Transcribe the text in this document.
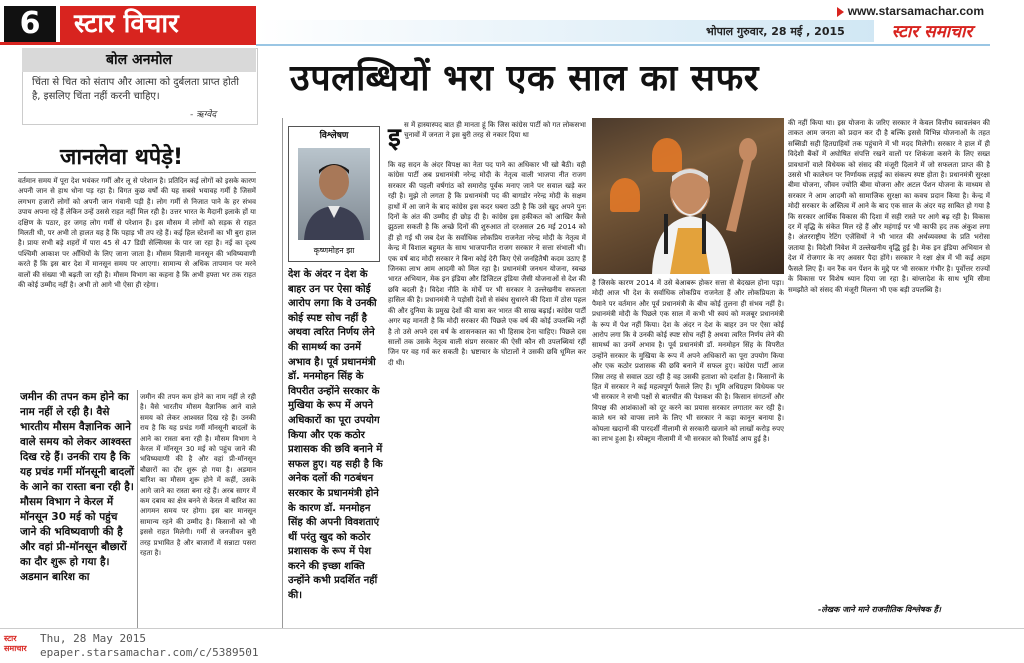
6	स्टार विचार	www.starsamachar.com
भोपाल गुरुवार, 28 मई , 2015	स्टार समाचार
बोल अनमोल
चिंता से चित को संताप और आत्मा को दुर्बलता प्राप्त होती है, इसलिए चिंता नहीं करनी चाहिए।
- ऋग्वेद
जानलेवा थपेड़े!
वर्तमान समय में पूरा देश भयंकर गर्मी और लू से परेशान है। प्रतिदिन कई लोगों को इसके कारण अपनी जान से हाथ धोना पड़ रहा है। विगत कुछ वर्षों की यह सबसे भयावह गर्मी है जिसमें लगभग हजारों लोगों को अपनी जान गंवानी पड़ी है। लोग गर्मी से निजात पाने के हर संभव उपाय अपना रहे हैं लेकिन उन्हें उससे राहत नहीं मिल रही है। उत्तर भारत के मैदानी इलाके हों या दक्षिण के पठार, हर जगह लोग गर्मी से परेशान हैं। इस मौसम में लोगों को सड़क से राहत मिलती थी, पर अभी तो हालत यह है कि पहाड़ भी तप रहे हैं। कई हिल स्टेशनों का भी बुरा हाल है। प्रायः सभी बड़े शहरों में पारा 45 से 47 डिग्री सेल्सियस के पार जा रहा है। नई का दृश्य पश्चिमी आकाश पर आँधियों के लिए जाना जाता है। मौसम विज्ञानी मानसून की भविष्यवाणी करते हैं कि इस बार देश में मानसून समय पर आएगा। सामान्य से अधिक तापमान पर मरने वालों की संख्या भी बढ़ती जा रही है। मौसम विभाग का कहना है कि अभी हफ्ता भर तक राहत की कोई उम्मीद नहीं है। अभी तो आगे भी ऐसा ही रहेगा।
जमीन की तपन कम होने का नाम नहीं ले रही है। वैसे भारतीय मौसम वैज्ञानिक आने वाले समय को लेकर आश्वस्त दिख रहे हैं। उनकी राय है कि यह प्रचंड गर्मी मॉनसूनी बादलों के आने का रास्ता बना रही है। मौसम विभाग ने केरल में मॉनसून 30 मई को पहुंच जाने की भविष्यवाणी की है और वहां प्री-मॉनसून बौछारों का दौर शुरू हो गया है। अडमान बारिश का
जमीन की तपन कम होने का नाम नहीं ले रही है। वैसे भारतीय मौसम वैज्ञानिक आने वाले समय को लेकर आश्वस्त दिख रहे हैं। उनकी राय है कि यह प्रचंड गर्मी मॉनसूनी बादलों के आने का रास्ता बना रही है। मौसम विभाग ने केरल में मॉनसून 30 मई को पहुंच जाने की भविष्यवाणी की है और वहां प्री-मॉनसून बौछारों का दौर शुरू हो गया है। अडमान बारिश का मौसम शुरू होने में कहीं, उसके आगे जाने का रास्ता बना रहे हैं। अरब सागर में कम दबाव का क्षेत्र बनने से केरल में बारिश का आगमन समय पर होगा। इस बार मानसून सामान्य रहने की उम्मीद है। किसानों को भी इससे राहत मिलेगी। गर्मी से जनजीवन बुरी तरह प्रभावित है और बाजारों में सन्नाटा पसरा रहता है।
उपलब्धियों भरा एक साल का सफर
विश्लेषण
कृष्णमोहन झा
देश के अंदर न देश के बाहर उन पर ऐसा कोई आरोप लगा कि वे उनकी कोई स्पष्ट सोच नहीं है अथवा त्वरित निर्णय लेने की सामर्थ्य का उनमें अभाव है। पूर्व प्रधानमंत्री डॉ. मनमोहन सिंह के विपरीत उन्होंने सरकार के मुखिया के रूप में अपने अधिकारों का पूरा उपयोग किया और एक कठोर प्रशासक की छवि बनाने में सफल हुए। यह सही है कि अनेक दलों की गठबंधन सरकार के प्रधानमंत्री होने के कारण डॉ. मनमोहन सिंह की अपनी विवशताएं थीं परंतु खुद को कठोर प्रशासक के रूप में पेश करने की इच्छा शक्ति उन्होंने कभी प्रदर्शित नहीं की।
इ स में हास्यास्पद बात ही मानता हूं कि जिस कांग्रेस पार्टी को गत लोकसभा चुनावों में जनता ने इस बुरी तरह से नकार दिया था
कि वह सदन के अंदर विपक्ष का नेता पद पाने का अधिकार भी खो बैठी। वही कांग्रेस पार्टी अब प्रधानमंत्री नरेन्द्र मोदी के नेतृत्व वाली भाजपा नीत राजग सरकार की पहली वर्षगांठ को समारोह पूर्वक मनाए जाने पर सवाल खड़े कर रही है। मुझे तो लगता है कि प्रधानमंत्री पद की बागडोर नरेन्द्र मोदी के सक्षम हाथों में आ जाने के बाद कांग्रेस इस कदर घबरा उठी है कि उसे खुद अपने पुनः दिनों के अंत की उम्मीद ही छोड़ दी है। कांग्रेस इस हकीकत को आखिर कैसे झुठला सकती है कि अच्छे दिनों की शुरुआत तो दरअसल 26 मई 2014 को ही हो गई थी जब देश के सर्वाधिक लोकप्रिय राजनेता नरेन्द्र मोदी के नेतृत्व में केन्द्र में विशाल बहुमत के साथ भाजपानीत राजग सरकार ने सत्ता संभाली थी। एक वर्ष बाद मोदी सरकार ने बिना कोई देरी किए ऐसे जनहितैषी कदम उठाए हैं जिनका लाभ आम आदमी को मिल रहा है। प्रधानमंत्री जनधन योजना, स्वच्छ भारत अभियान, मेक इन इंडिया और डिजिटल इंडिया जैसी योजनाओं से देश की छवि बदली है। विदेश नीति के मोर्चे पर भी सरकार ने उल्लेखनीय सफलता हासिल की है। प्रधानमंत्री ने पड़ोसी देशों से संबंध सुधारने की दिशा में ठोस पहल की और दुनिया के प्रमुख देशों की यात्रा कर भारत की साख बढ़ाई। कांग्रेस पार्टी अगर यह मानती है कि मोदी सरकार की पिछले एक वर्ष की कोई उपलब्धि नहीं है तो उसे अपने दस वर्ष के शासनकाल का भी हिसाब देना चाहिए। पिछले दस सालों तक उसके नेतृत्व वाली संप्रग सरकार की ऐसी कौन सी उपलब्धियां रहीं जिन पर वह गर्व कर सकती है। भ्रष्टाचार के घोटालों ने उसकी छवि धूमिल कर दी थी।
है जिसके कारण 2014 में उसे बेआबरू होकर सत्ता से बेदखल होना पड़ा। मोदी आज भी देश के सर्वाधिक लोकप्रिय राजनेता हैं और लोकप्रियता के पैमाने पर वर्तमान और पूर्व प्रधानमंत्री के बीच कोई तुलना ही संभव नहीं है। प्रधानमंत्री मोदी के पिछले एक साल में कभी भी स्वयं को मजबूर प्रधानमंत्री के रूप में पेश नहीं किया। देश के अंदर न देश के बाहर उन पर ऐसा कोई आरोप लगा कि वे उनकी कोई स्पष्ट सोच नहीं है अथवा त्वरित निर्णय लेने की सामर्थ्य का उनमें अभाव है। पूर्व प्रधानमंत्री डॉ. मनमोहन सिंह के विपरीत उन्होंने सरकार के मुखिया के रूप में अपने अधिकारों का पूरा उपयोग किया और एक कठोर प्रशासक की छवि बनाने में सफल हुए। कांग्रेस पार्टी आज जिस तरह से सवाल उठा रही है वह उसकी हताशा को दर्शाता है। किसानों के हित में सरकार ने कई महत्वपूर्ण फैसले लिए हैं। भूमि अधिग्रहण विधेयक पर भी सरकार ने सभी पक्षों से बातचीत की पेशकश की है। किसान संगठनों और विपक्ष की आशंकाओं को दूर करने का प्रयास सरकार लगातार कर रही है। काले धन को वापस लाने के लिए भी सरकार ने कड़ा कानून बनाया है। कोयला खदानों की पारदर्शी नीलामी से सरकारी खजाने को लाखों करोड़ रुपए का लाभ हुआ है। स्पेक्ट्रम नीलामी में भी सरकार को रिकॉर्ड आय हुई है।
की नहीं किया था। इस योजना के जरिए सरकार ने केवल वित्तीय स्वावलंबन की ताकत आम जनता को प्रदान कर दी है बल्कि इससे विभिन्न योजनाओं के तहत सब्सिडी सही हितग्राहियों तक पहुंचाने में भी मदद मिलेगी। सरकार ने हाल में ही विदेशी बैंकों में अघोषित संपत्ति रखने वालों पर शिकंजा कसने के लिए सख्त प्रावधानों वाले विधेयक को संसद की मंजूरी दिलाने में जो सफलता प्राप्त की है उससे भी कालेधन पर निर्णायक लड़ाई का संकल्प स्पष्ट होता है। प्रधानमंत्री सुरक्षा बीमा योजना, जीवन ज्योति बीमा योजना और अटल पेंशन योजना के माध्यम से सरकार ने आम आदमी को सामाजिक सुरक्षा का कवच प्रदान किया है। केन्द्र में मोदी सरकार के अस्तित्व में आने के बाद एक साल के अंदर यह साबित हो गया है कि सरकार आर्थिक विकास की दिशा में सही रास्ते पर आगे बढ़ रही है। विकास दर में वृद्धि के संकेत मिल रहे हैं और महंगाई पर भी काफी हद तक अंकुश लगा है। अंतरराष्ट्रीय रेटिंग एजेंसियों ने भी भारत की अर्थव्यवस्था के प्रति भरोसा जताया है। विदेशी निवेश में उल्लेखनीय वृद्धि हुई है। मेक इन इंडिया अभियान से देश में रोजगार के नए अवसर पैदा होंगे। सरकार ने रक्षा क्षेत्र में भी कई अहम फैसले लिए हैं। वन रैंक वन पेंशन के मुद्दे पर भी सरकार गंभीर है। पूर्वोत्तर राज्यों के विकास पर विशेष ध्यान दिया जा रहा है। बांग्लादेश के साथ भूमि सीमा समझौते को संसद की मंजूरी मिलना भी एक बड़ी उपलब्धि है।
-लेखक जाने माने राजनीतिक विश्लेषक हैं।
स्टार समाचार
Thu, 28 May 2015
epaper.starsamachar.com/c/5389501
